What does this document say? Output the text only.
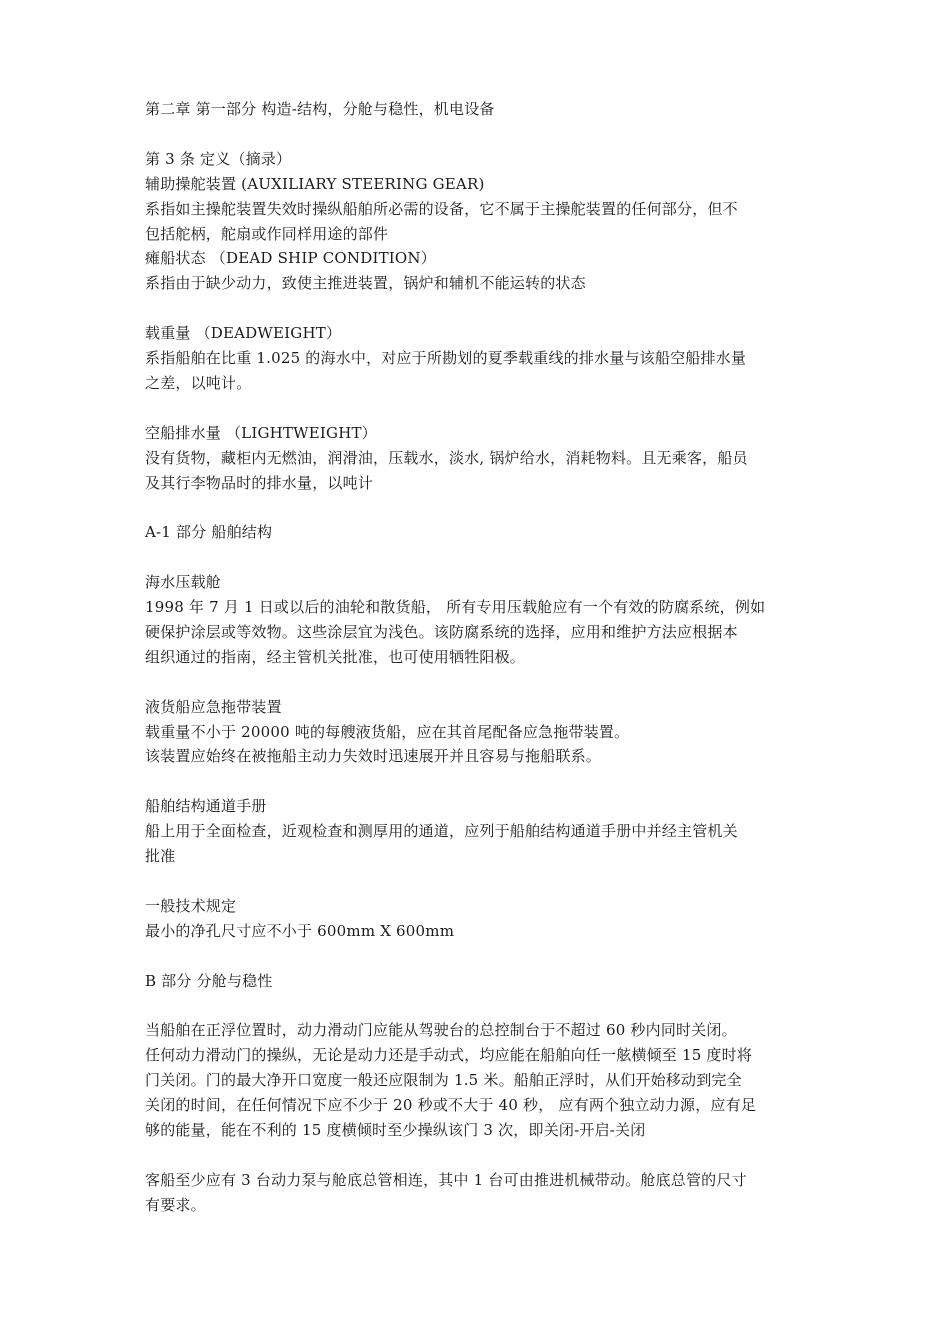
第二章 第一部分 构造-结构，分舱与稳性，机电设备

第 3 条 定义（摘录）

辅助操舵装置 (AUXILIARY STEERING GEAR)

系指如主操舵装置失效时操纵船舶所必需的设备，它不属于主操舵装置的任何部分，但不

包括舵柄，舵扇或作同样用途的部件

瘫船状态 （DEAD SHIP CONDITION）

系指由于缺少动力，致使主推进装置，锅炉和辅机不能运转的状态

载重量 （DEADWEIGHT）

系指船舶在比重 1.025 的海水中，对应于所勘划的夏季载重线的排水量与该船空船排水量

之差，以吨计。

空船排水量 （LIGHTWEIGHT）

没有货物，藏柜内无燃油，润滑油，压载水，淡水, 锅炉给水，消耗物料。且无乘客，船员

及其行李物品时的排水量，以吨计

A-1 部分 船舶结构

海水压载舱

1998 年 7 月 1 日或以后的油轮和散货船， 所有专用压载舱应有一个有效的防腐系统，例如

硬保护涂层或等效物。这些涂层宜为浅色。该防腐系统的选择，应用和维护方法应根据本

组织通过的指南，经主管机关批准，也可使用牺牲阳极。

液货船应急拖带装置

载重量不小于 20000 吨的每艘液货船，应在其首尾配备应急拖带装置。

该装置应始终在被拖船主动力失效时迅速展开并且容易与拖船联系。

船舶结构通道手册

船上用于全面检查，近观检查和测厚用的通道，应列于船舶结构通道手册中并经主管机关

批准

一般技术规定

最小的净孔尺寸应不小于 600mm X 600mm

B 部分 分舱与稳性

当船舶在正浮位置时，动力滑动门应能从驾驶台的总控制台于不超过 60 秒内同时关闭。

任何动力滑动门的操纵，无论是动力还是手动式，均应能在船舶向任一舷横倾至 15 度时将

门关闭。门的最大净开口宽度一般还应限制为 1.5 米。船舶正浮时，从们开始移动到完全

关闭的时间，在任何情况下应不少于 20 秒或不大于 40 秒， 应有两个独立动力源，应有足

够的能量，能在不利的 15 度横倾时至少操纵该门 3 次，即关闭-开启-关闭

客船至少应有 3 台动力泵与舱底总管相连，其中 1 台可由推进机械带动。舱底总管的尺寸

有要求。
